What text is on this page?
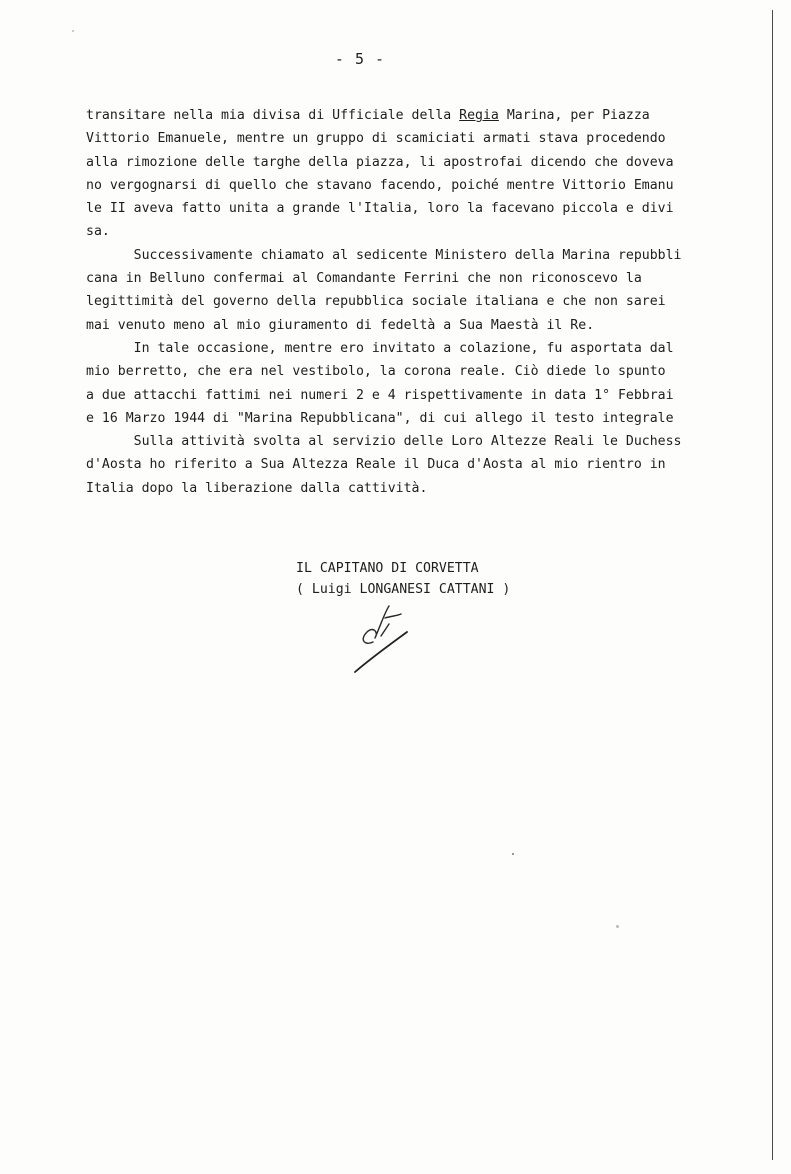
- 5 -
transitare nella mia divisa di Ufficiale della Regia Marina, per Piazza
Vittorio Emanuele, mentre un gruppo di scamiciati armati stava procedendo
alla rimozione delle targhe della piazza, li apostrofai dicendo che doveva
no vergognarsi di quello che stavano facendo, poiché mentre Vittorio Emanu
le II aveva fatto unita a grande l'Italia, loro la facevano piccola e divi
sa.
Successivamente chiamato al sedicente Ministero della Marina repubbli
cana in Belluno confermai al Comandante Ferrini che non riconoscevo la
legittimità del governo della repubblica sociale italiana e che non sarei
mai venuto meno al mio giuramento di fedeltà a Sua Maestà il Re.
In tale occasione, mentre ero invitato a colazione, fu asportata dal
mio berretto, che era nel vestibolo, la corona reale. Ciò diede lo spunto
a due attacchi fattimi nei numeri 2 e 4 rispettivamente in data 1° Febbrai
e 16 Marzo 1944 di "Marina Repubblicana", di cui allego il testo integrale
Sulla attività svolta al servizio delle Loro Altezze Reali le Duchess
d'Aosta ho riferito a Sua Altezza Reale il Duca d'Aosta al mio rientro in
Italia dopo la liberazione dalla cattività.
IL CAPITANO DI CORVETTA
( Luigi LONGANESI CATTANI )
